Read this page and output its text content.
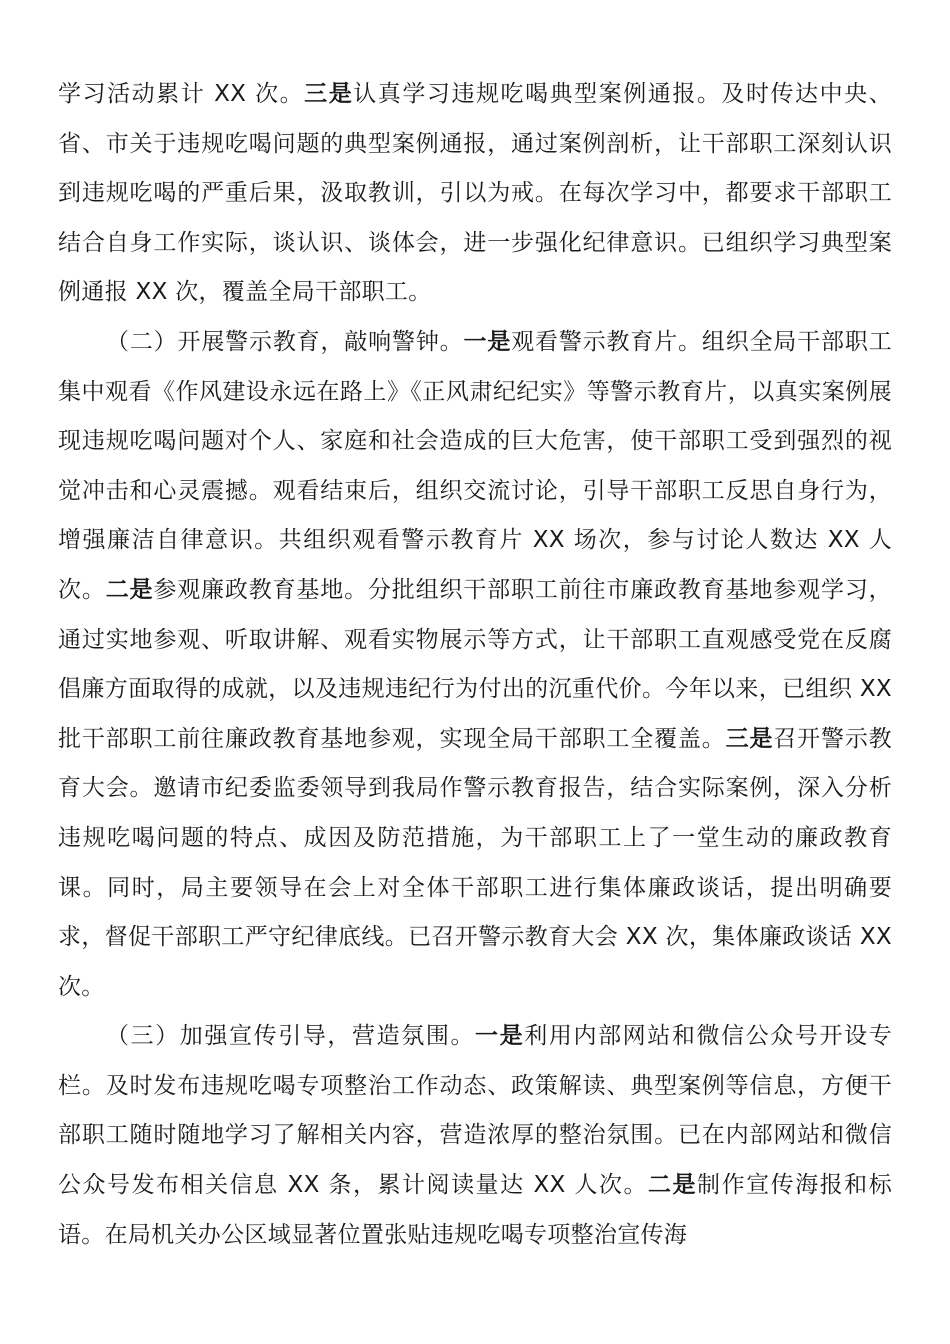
学习活动累计 XX 次。三是认真学习违规吃喝典型案例通报。及时传达中央、省、市关于违规吃喝问题的典型案例通报，通过案例剖析，让干部职工深刻认识到违规吃喝的严重后果，汲取教训，引以为戒。在每次学习中，都要求干部职工结合自身工作实际，谈认识、谈体会，进一步强化纪律意识。已组织学习典型案例通报 XX 次，覆盖全局干部职工。

（二）开展警示教育，敲响警钟。一是观看警示教育片。组织全局干部职工集中观看《作风建设永远在路上》《正风肃纪纪实》等警示教育片，以真实案例展现违规吃喝问题对个人、家庭和社会造成的巨大危害，使干部职工受到强烈的视觉冲击和心灵震撼。观看结束后，组织交流讨论，引导干部职工反思自身行为，增强廉洁自律意识。共组织观看警示教育片 XX 场次，参与讨论人数达 XX 人次。二是参观廉政教育基地。分批组织干部职工前往市廉政教育基地参观学习，通过实地参观、听取讲解、观看实物展示等方式，让干部职工直观感受党在反腐倡廉方面取得的成就，以及违规违纪行为付出的沉重代价。今年以来，已组织 XX 批干部职工前往廉政教育基地参观，实现全局干部职工全覆盖。三是召开警示教育大会。邀请市纪委监委领导到我局作警示教育报告，结合实际案例，深入分析违规吃喝问题的特点、成因及防范措施，为干部职工上了一堂生动的廉政教育课。同时，局主要领导在会上对全体干部职工进行集体廉政谈话，提出明确要求，督促干部职工严守纪律底线。已召开警示教育大会 XX 次，集体廉政谈话 XX 次。

（三）加强宣传引导，营造氛围。一是利用内部网站和微信公众号开设专栏。及时发布违规吃喝专项整治工作动态、政策解读、典型案例等信息，方便干部职工随时随地学习了解相关内容，营造浓厚的整治氛围。已在内部网站和微信公众号发布相关信息 XX 条，累计阅读量达 XX 人次。二是制作宣传海报和标语。在局机关办公区域显著位置张贴违规吃喝专项整治宣传海
